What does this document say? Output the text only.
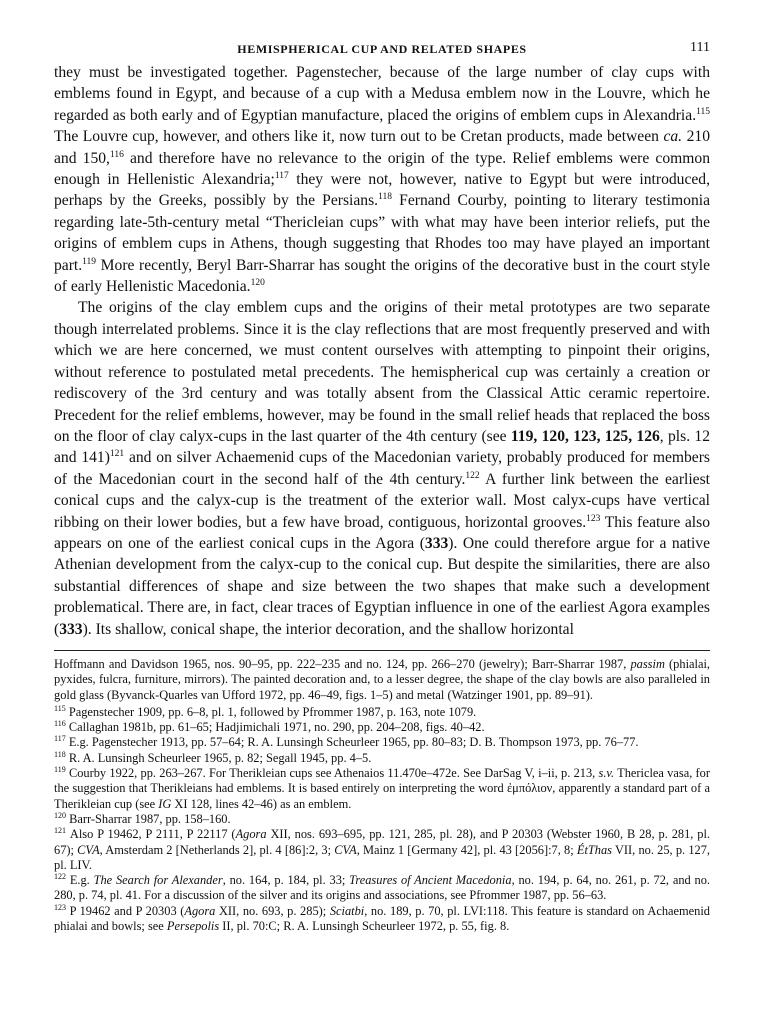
HEMISPHERICAL CUP AND RELATED SHAPES	111

they must be investigated together. Pagenstecher, because of the large number of clay cups with emblems found in Egypt, and because of a cup with a Medusa emblem now in the Louvre, which he regarded as both early and of Egyptian manufacture, placed the origins of emblem cups in Alexandria.$^{115}$ The Louvre cup, however, and others like it, now turn out to be Cretan products, made between ca. 210 and 150,$^{116}$ and therefore have no relevance to the origin of the type. Relief emblems were common enough in Hellenistic Alexandria;$^{117}$ they were not, however, native to Egypt but were introduced, perhaps by the Greeks, possibly by the Persians.$^{118}$ Fernand Courby, pointing to literary testimonia regarding late-5th-century metal “Thericleian cups” with what may have been interior reliefs, put the origins of emblem cups in Athens, though suggesting that Rhodes too may have played an important part.$^{119}$ More recently, Beryl Barr-Sharrar has sought the origins of the decorative bust in the court style of early Hellenistic Macedonia.$^{120}$

The origins of the clay emblem cups and the origins of their metal prototypes are two separate though interrelated problems. Since it is the clay reflections that are most frequently preserved and with which we are here concerned, we must content ourselves with attempting to pinpoint their origins, without reference to postulated metal precedents. The hemispherical cup was certainly a creation or rediscovery of the 3rd century and was totally absent from the Classical Attic ceramic repertoire. Precedent for the relief emblems, however, may be found in the small relief heads that replaced the boss on the floor of clay calyx-cups in the last quarter of the 4th century (see 119, 120, 123, 125, 126, pls. 12 and 141)$^{121}$ and on silver Achaemenid cups of the Macedonian variety, probably produced for members of the Macedonian court in the second half of the 4th century.$^{122}$ A further link between the earliest conical cups and the calyx-cup is the treatment of the exterior wall. Most calyx-cups have vertical ribbing on their lower bodies, but a few have broad, contiguous, horizontal grooves.$^{123}$ This feature also appears on one of the earliest conical cups in the Agora (333). One could therefore argue for a native Athenian development from the calyx-cup to the conical cup. But despite the similarities, there are also substantial differences of shape and size between the two shapes that make such a development problematical. There are, in fact, clear traces of Egyptian influence in one of the earliest Agora examples (333). Its shallow, conical shape, the interior decoration, and the shallow horizontal

Hoffmann and Davidson 1965, nos. 90–95, pp. 222–235 and no. 124, pp. 266–270 (jewelry); Barr-Sharrar 1987, passim (phialai, pyxides, fulcra, furniture, mirrors). The painted decoration and, to a lesser degree, the shape of the clay bowls are also paralleled in gold glass (Byvanck-Quarles van Ufford 1972, pp. 46–49, figs. 1–5) and metal (Watzinger 1901, pp. 89–91).

$^{115}$ Pagenstecher 1909, pp. 6–8, pl. 1, followed by Pfrommer 1987, p. 163, note 1079.

$^{116}$ Callaghan 1981b, pp. 61–65; Hadjimichali 1971, no. 290, pp. 204–208, figs. 40–42.

$^{117}$ E.g. Pagenstecher 1913, pp. 57–64; R. A. Lunsingh Scheurleer 1965, pp. 80–83; D. B. Thompson 1973, pp. 76–77.

$^{118}$ R. A. Lunsingh Scheurleer 1965, p. 82; Segall 1945, pp. 4–5.

$^{119}$ Courby 1922, pp. 263–267. For Therikleian cups see Athenaios 11.470e–472e. See DarSag V, i–ii, p. 213, s.v. Thericlea vasa, for the suggestion that Therikleians had emblems. It is based entirely on interpreting the word ἐμπόλιον, apparently a standard part of a Therikleian cup (see IG XI 128, lines 42–46) as an emblem.

$^{120}$ Barr-Sharrar 1987, pp. 158–160.

$^{121}$ Also P 19462, P 2111, P 22117 (Agora XII, nos. 693–695, pp. 121, 285, pl. 28), and P 20303 (Webster 1960, B 28, p. 281, pl. 67); CVA, Amsterdam 2 [Netherlands 2], pl. 4 [86]:2, 3; CVA, Mainz 1 [Germany 42], pl. 43 [2056]:7, 8; ÉtThas VII, no. 25, p. 127, pl. LIV.

$^{122}$ E.g. The Search for Alexander, no. 164, p. 184, pl. 33; Treasures of Ancient Macedonia, no. 194, p. 64, no. 261, p. 72, and no. 280, p. 74, pl. 41. For a discussion of the silver and its origins and associations, see Pfrommer 1987, pp. 56–63.

$^{123}$ P 19462 and P 20303 (Agora XII, no. 693, p. 285); Sciatbi, no. 189, p. 70, pl. LVI:118. This feature is standard on Achaemenid phialai and bowls; see Persepolis II, pl. 70:C; R. A. Lunsingh Scheurleer 1972, p. 55, fig. 8.
